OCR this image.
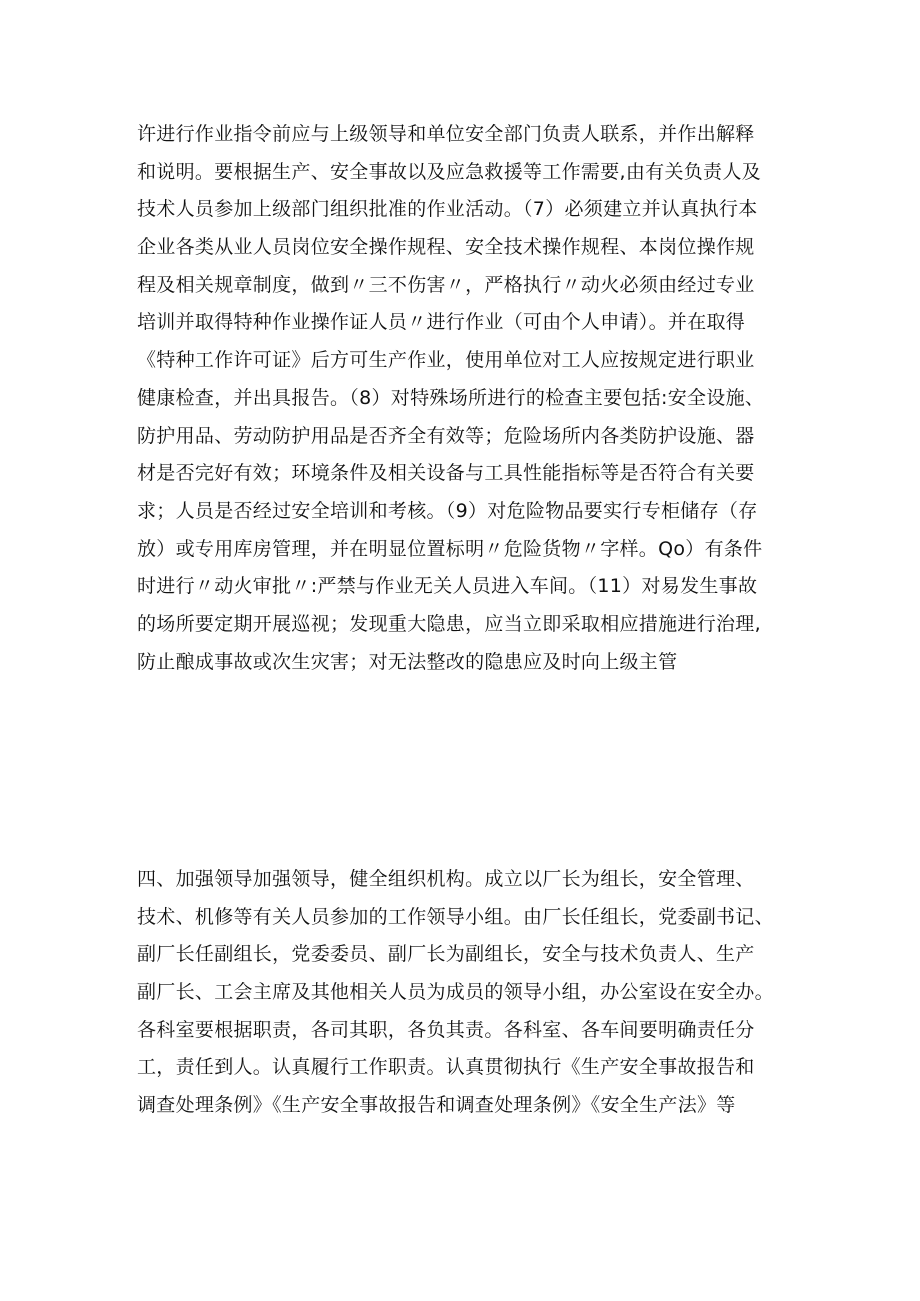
许进行作业指令前应与上级领导和单位安全部门负责人联系，并作出解释
和说明。要根据生产、安全事故以及应急救援等工作需要,由有关负责人及
技术人员参加上级部门组织批准的作业活动。（7）必须建立并认真执行本
企业各类从业人员岗位安全操作规程、安全技术操作规程、本岗位操作规
程及相关规章制度，做到〃三不伤害〃，严格执行〃动火必须由经过专业
培训并取得特种作业操作证人员〃进行作业（可由个人申请）。并在取得
《特种工作许可证》后方可生产作业，使用单位对工人应按规定进行职业
健康检查，并出具报告。（8）对特殊场所进行的检查主要包括:安全设施、
防护用品、劳动防护用品是否齐全有效等；危险场所内各类防护设施、器
材是否完好有效；环境条件及相关设备与工具性能指标等是否符合有关要
求；人员是否经过安全培训和考核。（9）对危险物品要实行专柜储存（存
放）或专用库房管理，并在明显位置标明〃危险货物〃字样。Qo）有条件
时进行〃动火审批〃:严禁与作业无关人员进入车间。（11）对易发生事故
的场所要定期开展巡视；发现重大隐患，应当立即采取相应措施进行治理,
防止酿成事故或次生灾害；对无法整改的隐患应及时向上级主管
四、加强领导加强领导，健全组织机构。成立以厂长为组长，安全管理、
技术、机修等有关人员参加的工作领导小组。由厂长任组长，党委副书记、
副厂长任副组长，党委委员、副厂长为副组长，安全与技术负责人、生产
副厂长、工会主席及其他相关人员为成员的领导小组，办公室设在安全办。
各科室要根据职责，各司其职，各负其责。各科室、各车间要明确责任分
工，责任到人。认真履行工作职责。认真贯彻执行《生产安全事故报告和
调查处理条例》《生产安全事故报告和调查处理条例》《安全生产法》等
